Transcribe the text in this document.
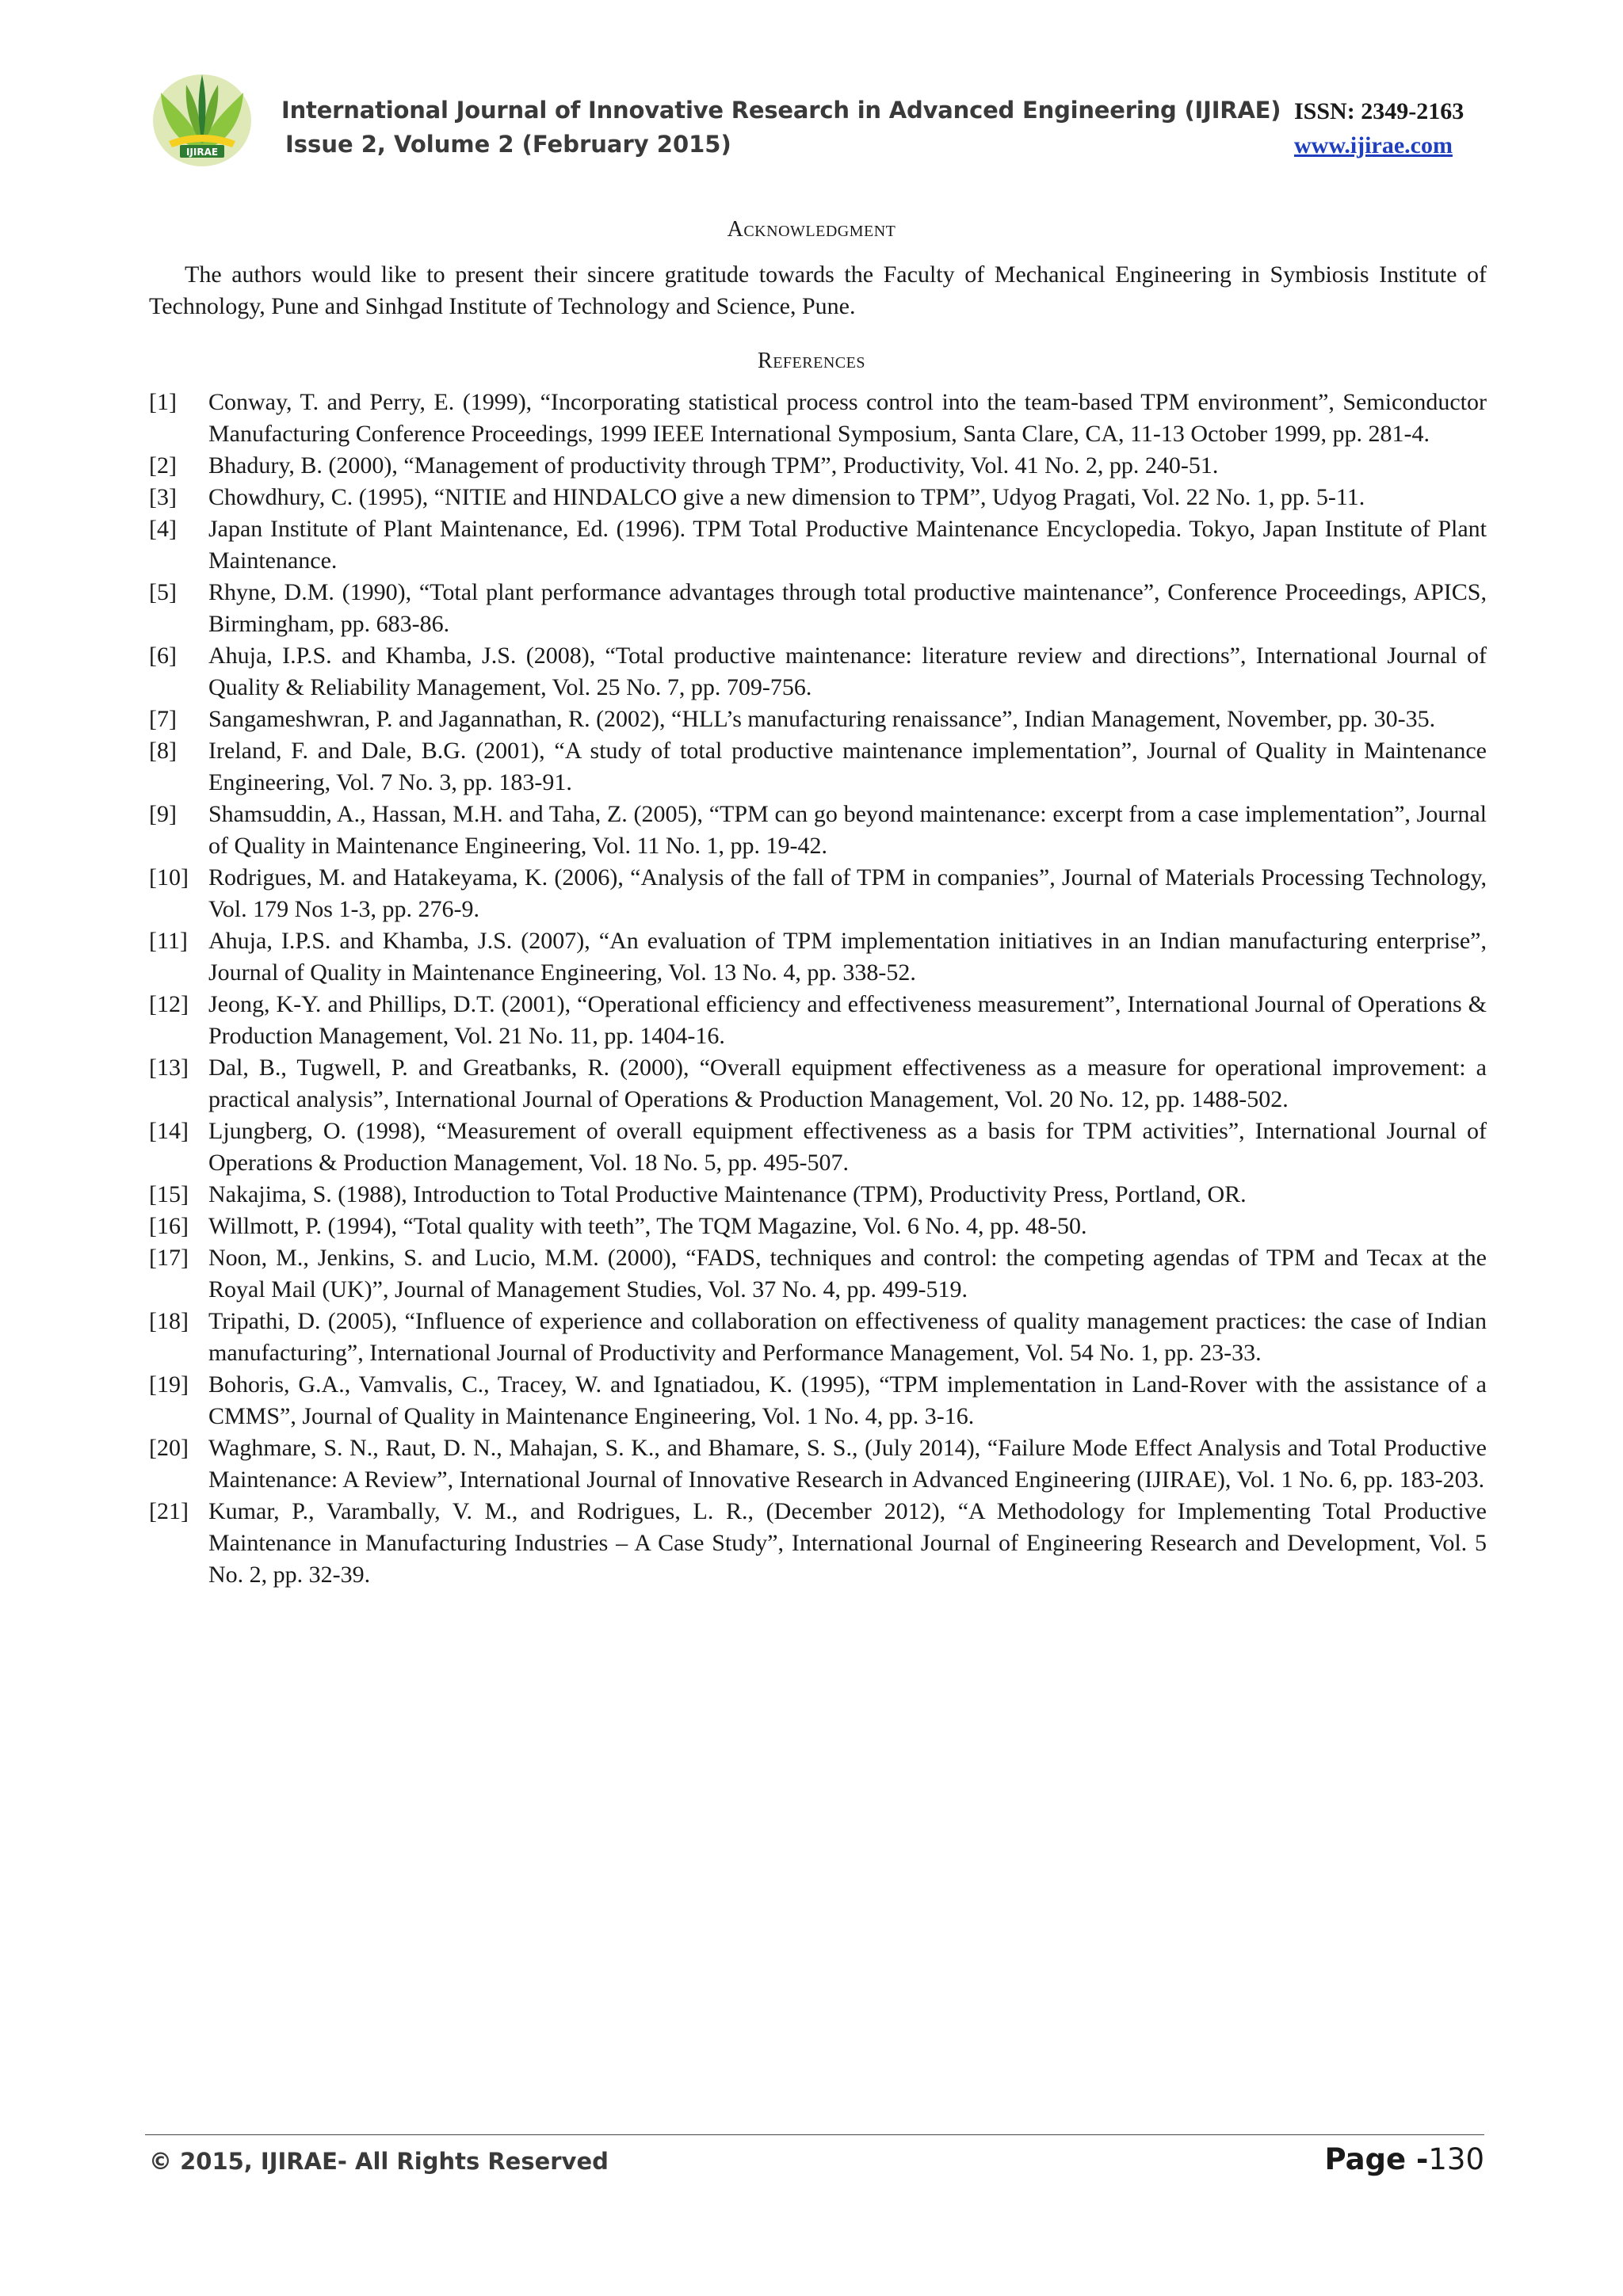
IJIRAE
International Journal of Innovative Research in Advanced Engineering (IJIRAE)
Issue 2, Volume 2 (February 2015)
ISSN: 2349-2163
www.ijirae.com
Acknowledgment
The authors would like to present their sincere gratitude towards the Faculty of Mechanical Engineering in Symbiosis Institute of Technology, Pune and Sinhgad Institute of Technology and Science, Pune.
References
[1] Conway, T. and Perry, E. (1999), “Incorporating statistical process control into the team-based TPM environment”, Semiconductor Manufacturing Conference Proceedings, 1999 IEEE International Symposium, Santa Clare, CA, 11-13 October 1999, pp. 281-4.
[2] Bhadury, B. (2000), “Management of productivity through TPM”, Productivity, Vol. 41 No. 2, pp. 240-51.
[3] Chowdhury, C. (1995), “NITIE and HINDALCO give a new dimension to TPM”, Udyog Pragati, Vol. 22 No. 1, pp. 5-11.
[4] Japan Institute of Plant Maintenance, Ed. (1996). TPM Total Productive Maintenance Encyclopedia. Tokyo, Japan Institute of Plant Maintenance.
[5] Rhyne, D.M. (1990), “Total plant performance advantages through total productive maintenance”, Conference Proceedings, APICS, Birmingham, pp. 683-86.
[6] Ahuja, I.P.S. and Khamba, J.S. (2008), “Total productive maintenance: literature review and directions”, International Journal of Quality & Reliability Management, Vol. 25 No. 7, pp. 709-756.
[7] Sangameshwran, P. and Jagannathan, R. (2002), “HLL’s manufacturing renaissance”, Indian Management, November, pp. 30-35.
[8] Ireland, F. and Dale, B.G. (2001), “A study of total productive maintenance implementation”, Journal of Quality in Maintenance Engineering, Vol. 7 No. 3, pp. 183-91.
[9] Shamsuddin, A., Hassan, M.H. and Taha, Z. (2005), “TPM can go beyond maintenance: excerpt from a case implementation”, Journal of Quality in Maintenance Engineering, Vol. 11 No. 1, pp. 19-42.
[10] Rodrigues, M. and Hatakeyama, K. (2006), “Analysis of the fall of TPM in companies”, Journal of Materials Processing Technology, Vol. 179 Nos 1-3, pp. 276-9.
[11] Ahuja, I.P.S. and Khamba, J.S. (2007), “An evaluation of TPM implementation initiatives in an Indian manufacturing enterprise”, Journal of Quality in Maintenance Engineering, Vol. 13 No. 4, pp. 338-52.
[12] Jeong, K-Y. and Phillips, D.T. (2001), “Operational efficiency and effectiveness measurement”, International Journal of Operations & Production Management, Vol. 21 No. 11, pp. 1404-16.
[13] Dal, B., Tugwell, P. and Greatbanks, R. (2000), “Overall equipment effectiveness as a measure for operational improvement: a practical analysis”, International Journal of Operations & Production Management, Vol. 20 No. 12, pp. 1488-502.
[14] Ljungberg, O. (1998), “Measurement of overall equipment effectiveness as a basis for TPM activities”, International Journal of Operations & Production Management, Vol. 18 No. 5, pp. 495-507.
[15] Nakajima, S. (1988), Introduction to Total Productive Maintenance (TPM), Productivity Press, Portland, OR.
[16] Willmott, P. (1994), “Total quality with teeth”, The TQM Magazine, Vol. 6 No. 4, pp. 48-50.
[17] Noon, M., Jenkins, S. and Lucio, M.M. (2000), “FADS, techniques and control: the competing agendas of TPM and Tecax at the Royal Mail (UK)”, Journal of Management Studies, Vol. 37 No. 4, pp. 499-519.
[18] Tripathi, D. (2005), “Influence of experience and collaboration on effectiveness of quality management practices: the case of Indian manufacturing”, International Journal of Productivity and Performance Management, Vol. 54 No. 1, pp. 23-33.
[19] Bohoris, G.A., Vamvalis, C., Tracey, W. and Ignatiadou, K. (1995), “TPM implementation in Land-Rover with the assistance of a CMMS”, Journal of Quality in Maintenance Engineering, Vol. 1 No. 4, pp. 3-16.
[20] Waghmare, S. N., Raut, D. N., Mahajan, S. K., and Bhamare, S. S., (July 2014), “Failure Mode Effect Analysis and Total Productive Maintenance: A Review”, International Journal of Innovative Research in Advanced Engineering (IJIRAE), Vol. 1 No. 6, pp. 183-203.
[21] Kumar, P., Varambally, V. M., and Rodrigues, L. R., (December 2012), “A Methodology for Implementing Total Productive Maintenance in Manufacturing Industries – A Case Study”, International Journal of Engineering Research and Development, Vol. 5 No. 2, pp. 32-39.
© 2015, IJIRAE- All Rights Reserved	Page -130
